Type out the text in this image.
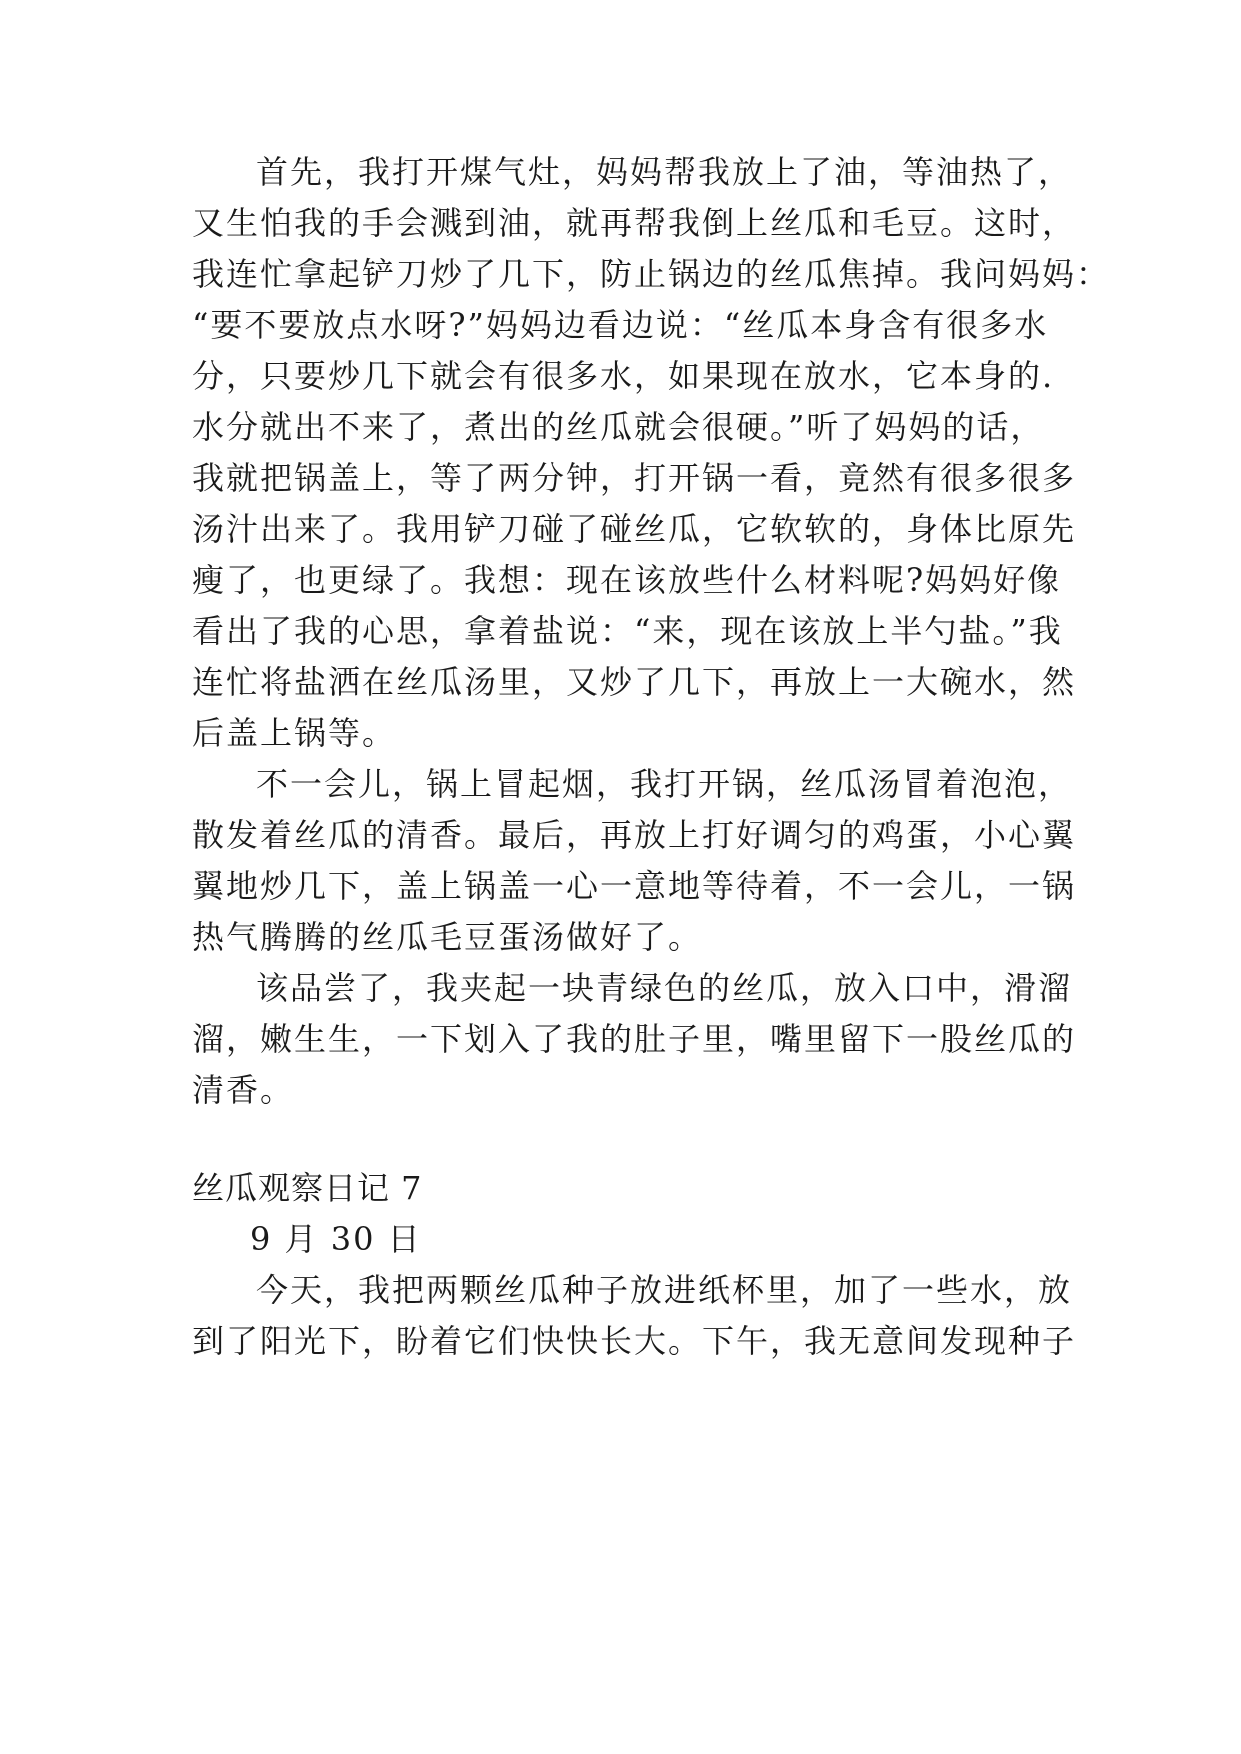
首先，我打开煤气灶，妈妈帮我放上了油，等油热了，
又生怕我的手会溅到油，就再帮我倒上丝瓜和毛豆。这时，
我连忙拿起铲刀炒了几下，防止锅边的丝瓜焦掉。我问妈妈：
“要不要放点水呀?”妈妈边看边说：“丝瓜本身含有很多水
分，只要炒几下就会有很多水，如果现在放水，它本身的.
水分就出不来了，煮出的丝瓜就会很硬。”听了妈妈的话，
我就把锅盖上，等了两分钟，打开锅一看，竟然有很多很多
汤汁出来了。我用铲刀碰了碰丝瓜，它软软的，身体比原先
瘦了，也更绿了。我想：现在该放些什么材料呢?妈妈好像
看出了我的心思，拿着盐说：“来，现在该放上半勺盐。”我
连忙将盐洒在丝瓜汤里，又炒了几下，再放上一大碗水，然
后盖上锅等。
不一会儿，锅上冒起烟，我打开锅，丝瓜汤冒着泡泡，
散发着丝瓜的清香。最后，再放上打好调匀的鸡蛋，小心翼
翼地炒几下，盖上锅盖一心一意地等待着，不一会儿，一锅
热气腾腾的丝瓜毛豆蛋汤做好了。
该品尝了，我夹起一块青绿色的丝瓜，放入口中，滑溜
溜，嫩生生，一下划入了我的肚子里，嘴里留下一股丝瓜的
清香。
丝瓜观察日记 7
9 月 30 日
今天，我把两颗丝瓜种子放进纸杯里，加了一些水，放
到了阳光下，盼着它们快快长大。下午，我无意间发现种子
